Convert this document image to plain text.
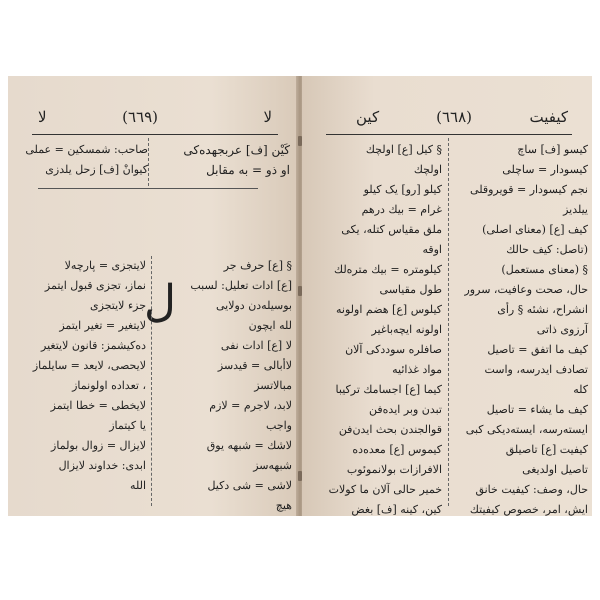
لا
(٦٦٩)
لا
صاحب: شمسکین = عملی
کیوانْ [ف] زحل یلدزی
کَیْن [ف] عربجهده‌کی
او ذو = به مقابل
ل
§ [ع] حرف جر
[ع] ادات تعلیل: لسبب
بوسیله‌دن دولایی
لله ایچون
لا [ع] ادات نفی
لاأبالی = قیدسز
مبالاتسز
لابد، لاجرم = لازم
واجب
لاشك = شبهه یوق
شبهه‌سز
لاشی = شی دکیل
هیچ
لایتجزی = پارچه‌لا
نماز، تجزی قبول ایتمز
جزء لایتجزی
لایتغیر = تغیر ایتمز
ده‌کیشمز: قانون لایتغیر
لایحصی، لایعد = سایلماز
، تعداده اولونماز
لایخطی = خطا ایتمز
یا کیتماز
لایزال = زوال بولماز
ابدی: خداوند لایزال
الله
کیفیت
(٦٦٨)
کین
کیسو [ف] ساچ
کیسودار = ساچلی
نجم کیسودار = قویروقلی
ییلدیز
کیف [ع] (معنای اصلی)
(تاصل: کیف حالك
§ (معنای مستعمل)
حال، صحت وعافیت، سرور
انشراح، نشئه § رأی
آرزوی ذاتی
کیف ما اتفق = تاصیل
تصادف ایدرسه، واست
کله
کیف ما یشاء = تاصیل
ایسته‌رسه، ایسته‌دیکی کبی
کیفیت [ع] تاصیلق
تاصیل اولدیغی
حال، وصف: کیفیت خانق
ایش، امر، خصوص کیفیتك
§ کیل [ع] اولچك
اولچك
کیلو [رو] یک کیلو
غرام = بیك درهم
ملق مقیاس کتله، یکی
اوقه
کیلومتره = بیك متره‌لك
طول مقیاسی
کیلوس [ع] هضم اولونه
اولونه ایچه‌باغیر
صافلره سوددکی آلان
مواد غذائیه
کیما [ع] اجسامك ترکیبا
تبدن وبر ایده‌فن
قوالجندن بحث ایدن‌فن
کیموس [ع] معده‌ده
الافرازات بولانموئوب
خمیر حالی آلان ما کولات
کین، کینه [ف] بغض
